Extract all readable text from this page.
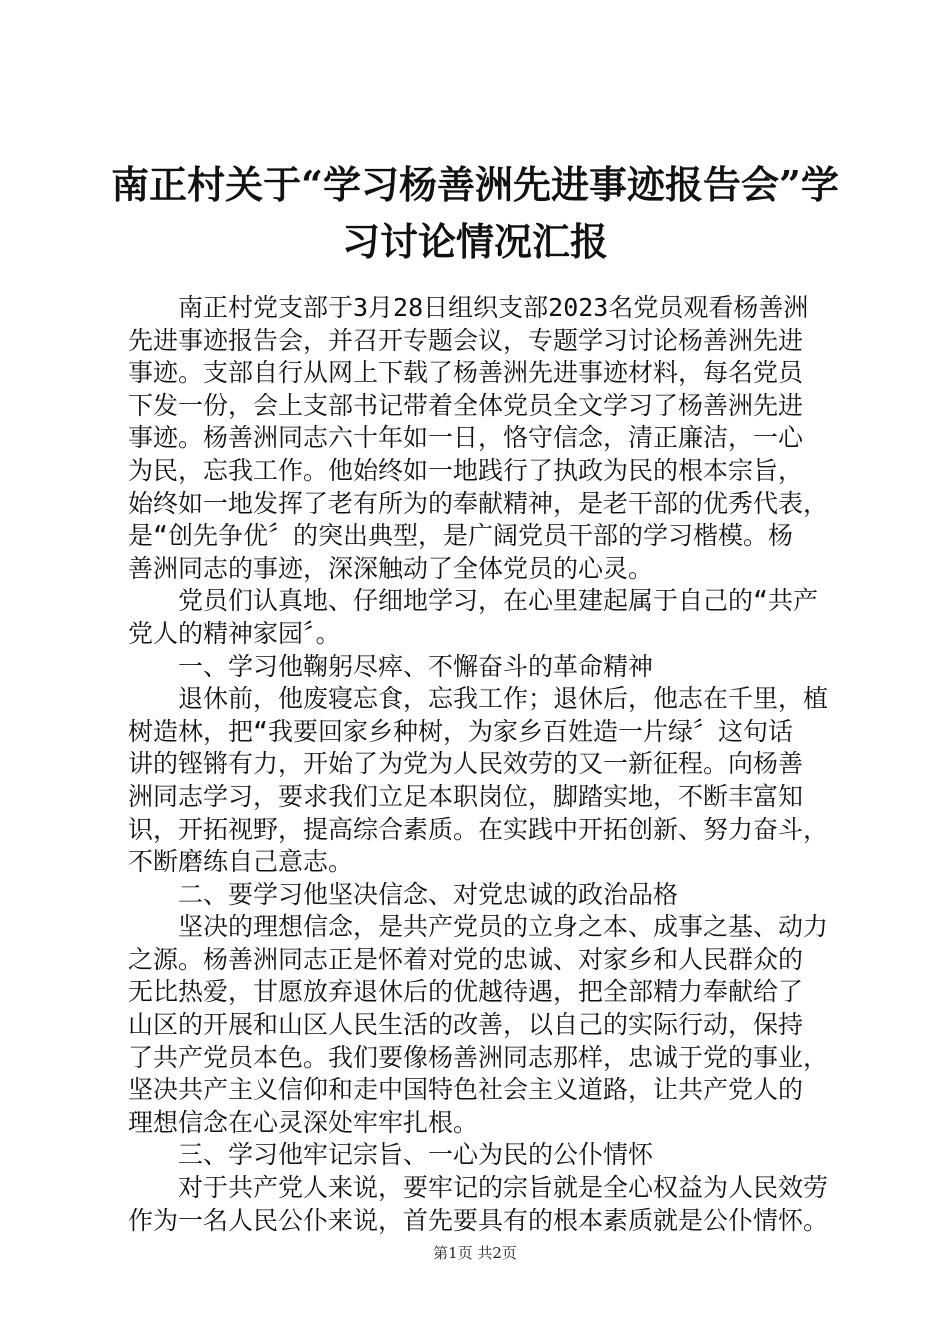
南正村关于“学习杨善洲先进事迹报告会”学
习讨论情况汇报
南正村党支部于3月28日组织支部2023名党员观看杨善洲
先进事迹报告会，并召开专题会议，专题学习讨论杨善洲先进
事迹。支部自行从网上下载了杨善洲先进事迹材料，每名党员
下发一份，会上支部书记带着全体党员全文学习了杨善洲先进
事迹。杨善洲同志六十年如一日，恪守信念，清正廉洁，一心
为民，忘我工作。他始终如一地践行了执政为民的根本宗旨，
始终如一地发挥了老有所为的奉献精神，是老干部的优秀代表，
是“创先争优〞的突出典型，是广阔党员干部的学习楷模。杨
善洲同志的事迹，深深触动了全体党员的心灵。
党员们认真地、仔细地学习，在心里建起属于自己的“共产
党人的精神家园〞。
一、学习他鞠躬尽瘁、不懈奋斗的革命精神
退休前，他废寝忘食，忘我工作；退休后，他志在千里，植
树造林，把“我要回家乡种树，为家乡百姓造一片绿〞这句话
讲的铿锵有力，开始了为党为人民效劳的又一新征程。向杨善
洲同志学习，要求我们立足本职岗位，脚踏实地，不断丰富知
识，开拓视野，提高综合素质。在实践中开拓创新、努力奋斗，
不断磨练自己意志。
二、要学习他坚决信念、对党忠诚的政治品格
坚决的理想信念，是共产党员的立身之本、成事之基、动力
之源。杨善洲同志正是怀着对党的忠诚、对家乡和人民群众的
无比热爱，甘愿放弃退休后的优越待遇，把全部精力奉献给了
山区的开展和山区人民生活的改善，以自己的实际行动，保持
了共产党员本色。我们要像杨善洲同志那样，忠诚于党的事业，
坚决共产主义信仰和走中国特色社会主义道路，让共产党人的
理想信念在心灵深处牢牢扎根。
三、学习他牢记宗旨、一心为民的公仆情怀
对于共产党人来说，要牢记的宗旨就是全心权益为人民效劳
作为一名人民公仆来说，首先要具有的根本素质就是公仆情怀。
第1页 共2页
